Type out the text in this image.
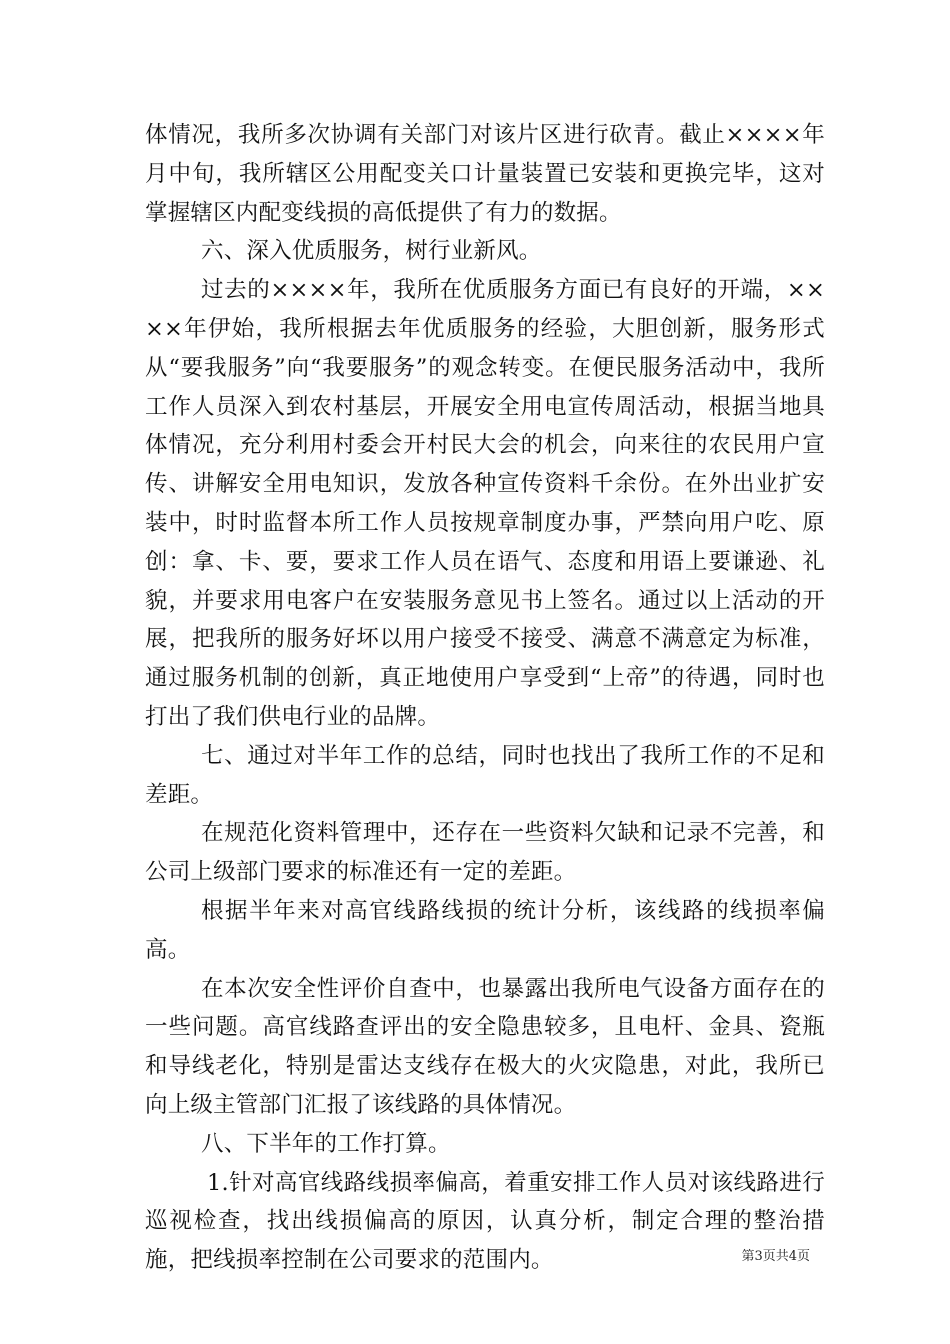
体情况，我所多次协调有关部门对该片区进行砍青。截止××××年月中旬，我所辖区公用配变关口计量装置已安装和更换完毕，这对掌握辖区内配变线损的高低提供了有力的数据。

六、深入优质服务，树行业新风。

过去的××××年，我所在优质服务方面已有良好的开端，××××年伊始，我所根据去年优质服务的经验，大胆创新，服务形式从“要我服务”向“我要服务”的观念转变。在便民服务活动中，我所工作人员深入到农村基层，开展安全用电宣传周活动，根据当地具体情况，充分利用村委会开村民大会的机会，向来往的农民用户宣传、讲解安全用电知识，发放各种宣传资料千余份。在外出业扩安装中，时时监督本所工作人员按规章制度办事，严禁向用户吃、原创：拿、卡、要，要求工作人员在语气、态度和用语上要谦逊、礼貌，并要求用电客户在安装服务意见书上签名。通过以上活动的开展，把我所的服务好坏以用户接受不接受、满意不满意定为标准，通过服务机制的创新，真正地使用户享受到“上帝”的待遇，同时也打出了我们供电行业的品牌。

七、通过对半年工作的总结，同时也找出了我所工作的不足和差距。

在规范化资料管理中，还存在一些资料欠缺和记录不完善，和公司上级部门要求的标准还有一定的差距。

根据半年来对高官线路线损的统计分析，该线路的线损率偏高。

在本次安全性评价自查中，也暴露出我所电气设备方面存在的一些问题。高官线路查评出的安全隐患较多，且电杆、金具、瓷瓶和导线老化，特别是雷达支线存在极大的火灾隐患，对此，我所已向上级主管部门汇报了该线路的具体情况。

八、下半年的工作打算。

1.针对高官线路线损率偏高，着重安排工作人员对该线路进行巡视检查，找出线损偏高的原因，认真分析，制定合理的整治措施，把线损率控制在公司要求的范围内。	第3页共4页
